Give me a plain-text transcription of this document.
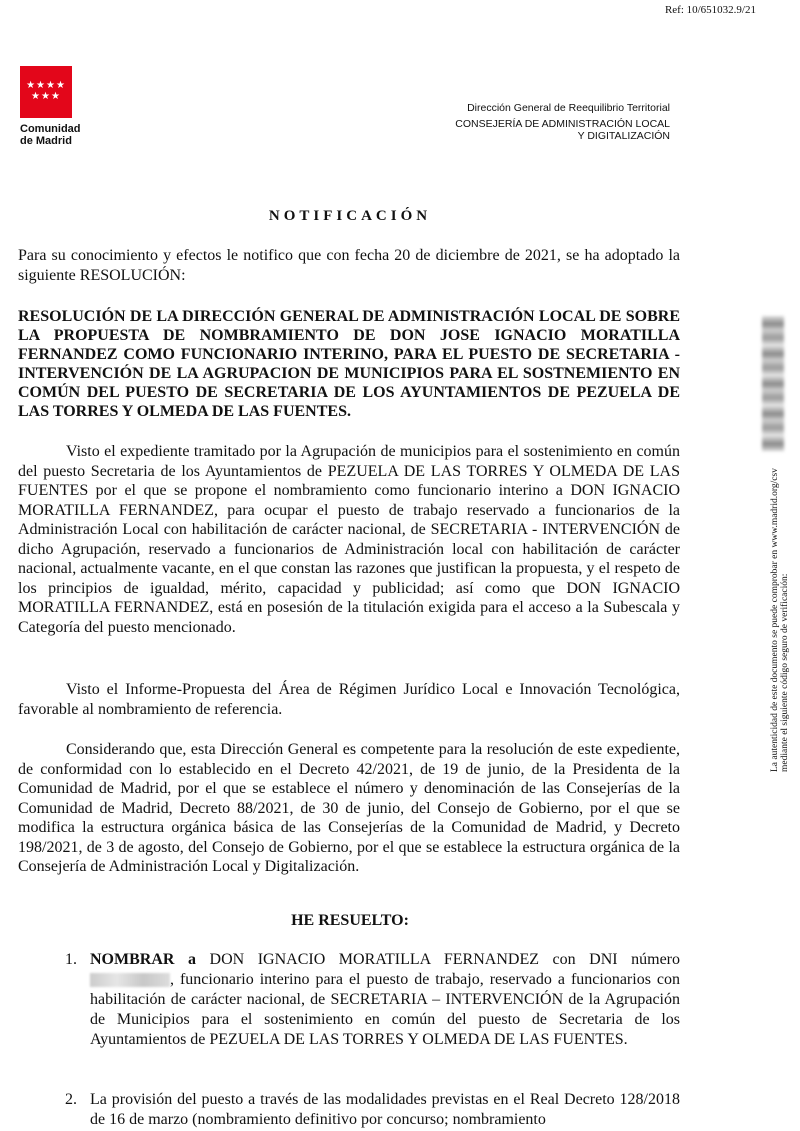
Ref: 10/651032.9/21
★★★★
★★★
Comunidad
de Madrid
Dirección General de Reequilibrio Territorial
CONSEJERÍA DE ADMINISTRACIÓN LOCAL
Y DIGITALIZACIÓN
NOTIFICACIÓN
Para su conocimiento y efectos le notifico que con fecha 20 de diciembre de 2021, se ha adoptado la siguiente RESOLUCIÓN:
RESOLUCIÓN DE LA DIRECCIÓN GENERAL DE ADMINISTRACIÓN LOCAL DE SOBRE LA PROPUESTA DE NOMBRAMIENTO DE DON JOSE IGNACIO MORATILLA FERNANDEZ COMO FUNCIONARIO INTERINO, PARA EL PUESTO DE SECRETARIA - INTERVENCIÓN DE LA AGRUPACION DE MUNICIPIOS PARA EL SOSTNEMIENTO EN COMÚN DEL PUESTO DE SECRETARIA DE LOS AYUNTAMIENTOS DE PEZUELA DE LAS TORRES Y OLMEDA DE LAS FUENTES.
Visto el expediente tramitado por la Agrupación de municipios para el sostenimiento en común del puesto Secretaria de los Ayuntamientos de PEZUELA DE LAS TORRES Y OLMEDA DE LAS FUENTES por el que se propone el nombramiento como funcionario interino a DON IGNACIO MORATILLA FERNANDEZ, para ocupar el puesto de trabajo reservado a funcionarios de la Administración Local con habilitación de carácter nacional, de SECRETARIA - INTERVENCIÓN de dicho Agrupación, reservado a funcionarios de Administración local con habilitación de carácter nacional, actualmente vacante, en el que constan las razones que justifican la propuesta, y el respeto de los principios de igualdad, mérito, capacidad y publicidad; así como que DON IGNACIO MORATILLA FERNANDEZ, está en posesión de la titulación exigida para el acceso a la Subescala y Categoría del puesto mencionado.
Visto el Informe-Propuesta del Área de Régimen Jurídico Local e Innovación Tecnológica, favorable al nombramiento de referencia.
Considerando que, esta Dirección General es competente para la resolución de este expediente, de conformidad con lo establecido en el Decreto 42/2021, de 19 de junio, de la Presidenta de la Comunidad de Madrid, por el que se establece el número y denominación de las Consejerías de la Comunidad de Madrid, Decreto 88/2021, de 30 de junio, del Consejo de Gobierno, por el que se modifica la estructura orgánica básica de las Consejerías de la Comunidad de Madrid, y Decreto 198/2021, de 3 de agosto, del Consejo de Gobierno, por el que se establece la estructura orgánica de la Consejería de Administración Local y Digitalización.
HE RESUELTO:
1. NOMBRAR a DON IGNACIO MORATILLA FERNANDEZ con DNI número , funcionario interino para el puesto de trabajo, reservado a funcionarios con habilitación de carácter nacional, de SECRETARIA – INTERVENCIÓN de la Agrupación de Municipios para el sostenimiento en común del puesto de Secretaria de los Ayuntamientos de PEZUELA DE LAS TORRES Y OLMEDA DE LAS FUENTES.
2. La provisión del puesto a través de las modalidades previstas en el Real Decreto 128/2018 de 16 de marzo (nombramiento definitivo por concurso; nombramiento
La autenticidad de este documento se puede comprobar en www.madrid.org/csv mediante el siguiente código seguro de verificación:
